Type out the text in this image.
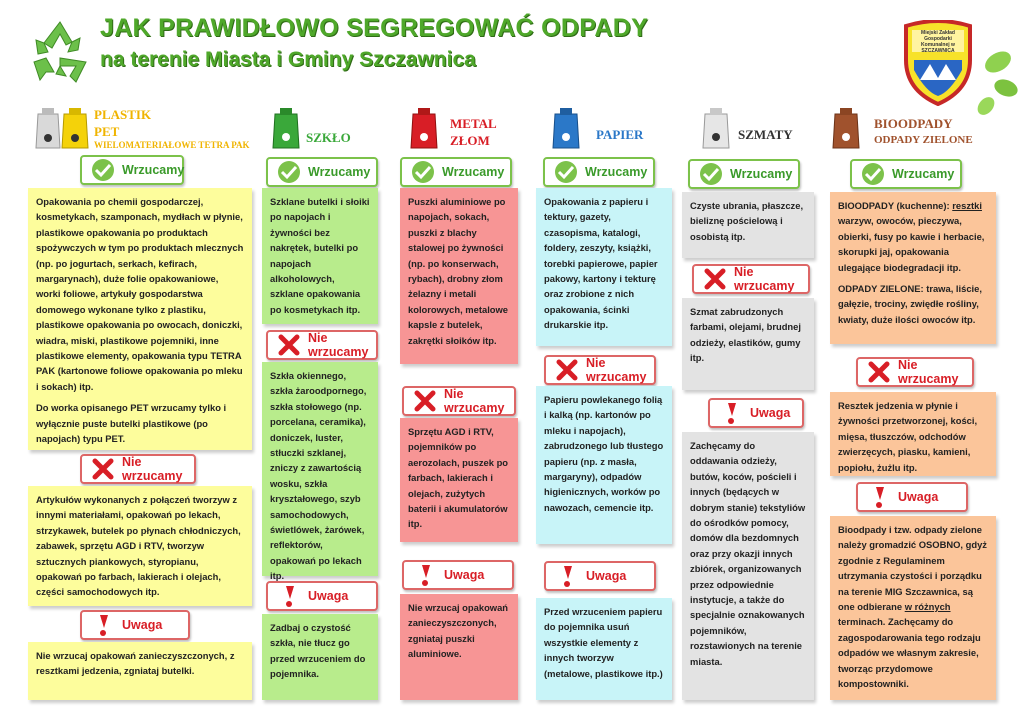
JAK PRAWIDŁOWO SEGREGOWAĆ ODPADY
na terenie Miasta i Gminy Szczawnica
Miejski Zakład Gospodarki Komunalnej w SZCZAWNICA
PLASTIK
PET
WIELOMATERIAŁOWE TETRA PAK	SZKŁO
METAL
ZŁOM	PAPIER	SZMATY
BIOODPADY
ODPADY ZIELONE
Wrzucamy	Wrzucamy	Wrzucamy	Wrzucamy	Wrzucamy	Wrzucamy

Opakowania po chemii gospodarczej, kosmetykach, szamponach, mydłach w płynie, plastikowe opakowania po produktach spożywczych w tym po produktach mlecznych (np. po jogurtach, serkach, kefirach, margarynach), duże folie opakowaniowe, worki foliowe, artykuły gospodarstwa domowego wykonane tylko z plastiku, plastikowe opakowania po owocach, doniczki, wiadra, miski, plastikowe pojemniki, inne plastikowe elementy, opakowania typu TETRA PAK (kartonowe foliowe opakowania po mleku i sokach) itp.

Do worka opisanego PET wrzucamy tylko i wyłącznie puste butelki plastikowe (po napojach) typu PET.

Nie wrzucamy

Artykułów wykonanych z połączeń tworzyw z innymi materiałami, opakowań po lekach, strzykawek, butelek po płynach chłodniczych, zabawek, sprzętu AGD i RTV, tworzyw sztucznych piankowych, styropianu, opakowań po farbach, lakierach i olejach, części samochodowych itp.

Uwaga

Nie wrzucaj opakowań zanieczyszczonych, z resztkami jedzenia, zgniataj butelki.

Szklane butelki i słoiki po napojach i żywności bez nakrętek, butelki po napojach alkoholowych, szklane opakowania po kosmetykach itp.

Nie wrzucamy

Szkła okiennego, szkła żaroodpornego, szkła stołowego (np. porcelana, ceramika), doniczek, luster, stłuczki szklanej, zniczy z zawartością wosku, szkła kryształowego, szyb samochodowych, świetlówek, żarówek, reflektorów, opakowań po lekach itp.

Uwaga

Zadbaj o czystość szkła, nie tłucz go przed wrzuceniem do pojemnika.

Puszki aluminiowe po napojach, sokach, puszki z blachy stalowej po żywności (np. po konserwach, rybach), drobny złom żelazny i metali kolorowych, metalowe kapsle z butelek, zakrętki słoików itp.

Nie wrzucamy

Sprzętu AGD i RTV, pojemników po aerozolach, puszek po farbach, lakierach i olejach, zużytych baterii i akumulatorów itp.

Uwaga

Nie wrzucaj opakowań zanieczyszczonych, zgniataj puszki aluminiowe.

Opakowania z papieru i tektury, gazety, czasopisma, katalogi, foldery, zeszyty, książki, torebki papierowe, papier pakowy, kartony i tekturę oraz zrobione z nich opakowania, ścinki drukarskie itp.

Nie wrzucamy

Papieru powlekanego folią i kalką (np. kartonów po mleku i napojach), zabrudzonego lub tłustego papieru (np. z masła, margaryny), odpadów higienicznych, worków po nawozach, cemencie itp.

Uwaga

Przed wrzuceniem papieru do pojemnika usuń wszystkie elementy z innych tworzyw (metalowe, plastikowe itp.)

Czyste ubrania, płaszcze, bieliznę pościelową i osobistą itp.

Nie wrzucamy

Szmat zabrudzonych farbami, olejami, brudnej odzieży, elastików, gumy itp.

Uwaga

Zachęcamy do oddawania odzieży, butów, koców, pościeli i innych (będących w dobrym stanie) tekstyliów do ośrodków pomocy, domów dla bezdomnych oraz przy okazji innych zbiórek, organizowanych przez odpowiednie instytucje, a także do specjalnie oznakowanych pojemników, rozstawionych na terenie miasta.

BIOODPADY (kuchenne): resztki warzyw, owoców, pieczywa, obierki, fusy po kawie i herbacie, skorupki jaj, opakowania ulegające biodegradacji itp.

ODPADY ZIELONE: trawa, liście, gałęzie, trociny, zwiędłe rośliny, kwiaty, duże ilości owoców itp.

Nie wrzucamy

Resztek jedzenia w płynie i żywności przetworzonej, kości, mięsa, tłuszczów, odchodów zwierzęcych, piasku, kamieni, popiołu, żużlu itp.

Uwaga

Bioodpady i tzw. odpady zielone należy gromadzić OSOBNO, gdyż zgodnie z Regulaminem utrzymania czystości i porządku na terenie MIG Szczawnica, są one odbierane w różnych terminach. Zachęcamy do zagospodarowania tego rodzaju odpadów we własnym zakresie, tworząc przydomowe kompostowniki.
